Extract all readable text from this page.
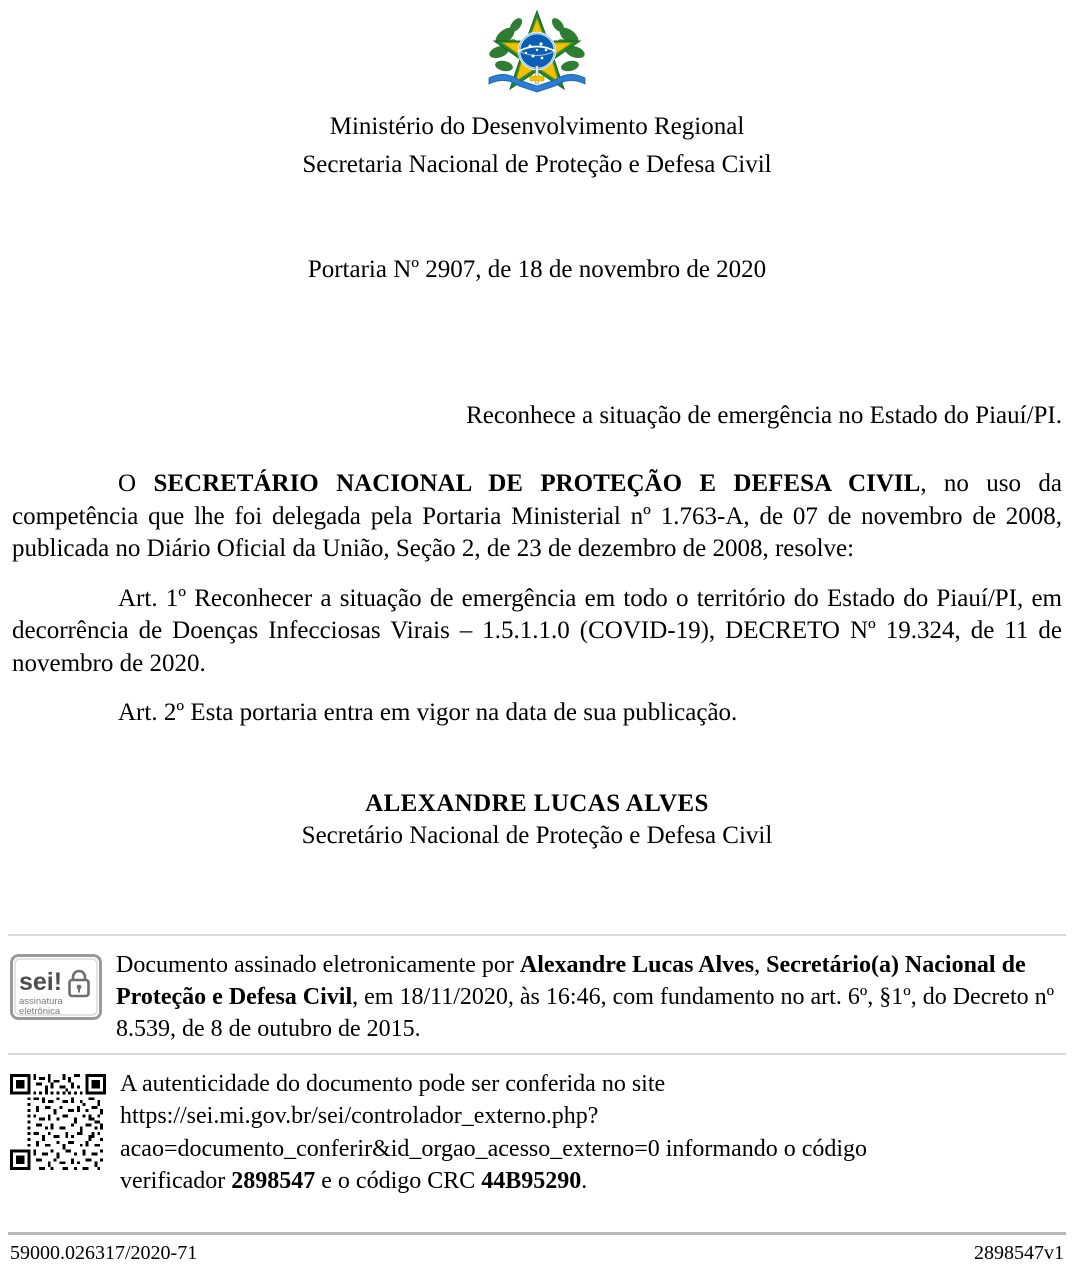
Ministério do Desenvolvimento Regional
Secretaria Nacional de Proteção e Defesa Civil
Portaria Nº 2907, de 18 de novembro de 2020
Reconhece a situação de emergência no Estado do Piauí/PI.

O SECRETÁRIO NACIONAL DE PROTEÇÃO E DEFESA CIVIL, no uso da competência que lhe foi delegada pela Portaria Ministerial nº 1.763-A, de 07 de novembro de 2008, publicada no Diário Oficial da União, Seção 2, de 23 de dezembro de 2008, resolve:

Art. 1º Reconhecer a situação de emergência em todo o território do Estado do Piauí/PI, em decorrência de Doenças Infecciosas Virais – 1.5.1.1.0 (COVID-19), DECRETO Nº 19.324, de 11 de novembro de 2020.

Art. 2º Esta portaria entra em vigor na data de sua publicação.

ALEXANDRE LUCAS ALVES
Secretário Nacional de Proteção e Defesa Civil
sei!
assinatura
eletrônica
Documento assinado eletronicamente por Alexandre Lucas Alves, Secretário(a) Nacional de Proteção e Defesa Civil, em 18/11/2020, às 16:46, com fundamento no art. 6º, §1º, do Decreto nº 8.539, de 8 de outubro de 2015.
A autenticidade do documento pode ser conferida no site
https://sei.mi.gov.br/sei/controlador_externo.php?
acao=documento_conferir&id_orgao_acesso_externo=0 informando o código
verificador 2898547 e o código CRC 44B95290.
59000.026317/2020-71	2898547v1
